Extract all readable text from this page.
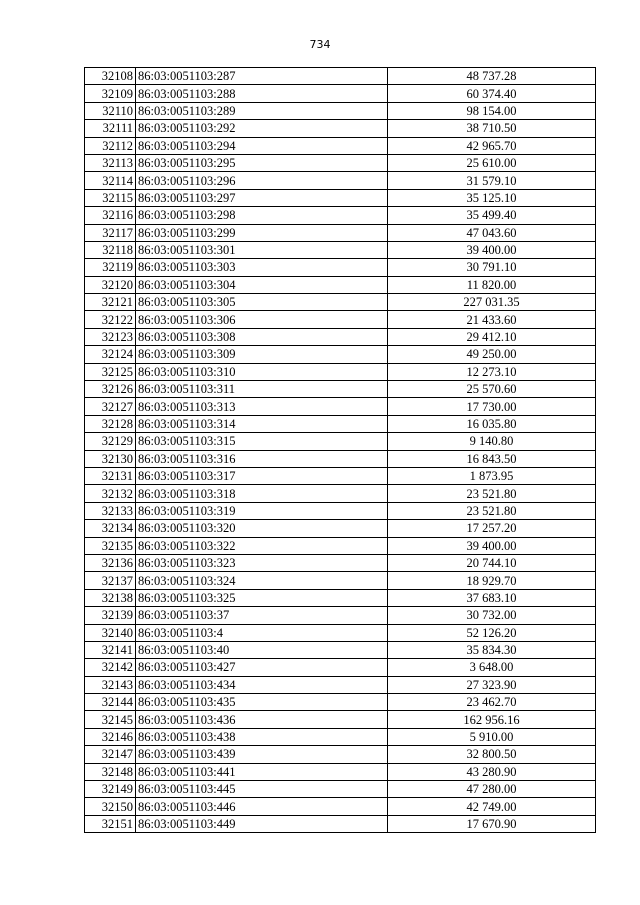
734
32108	86:03:0051103:287	48 737.28
32109	86:03:0051103:288	60 374.40
32110	86:03:0051103:289	98 154.00
32111	86:03:0051103:292	38 710.50
32112	86:03:0051103:294	42 965.70
32113	86:03:0051103:295	25 610.00
32114	86:03:0051103:296	31 579.10
32115	86:03:0051103:297	35 125.10
32116	86:03:0051103:298	35 499.40
32117	86:03:0051103:299	47 043.60
32118	86:03:0051103:301	39 400.00
32119	86:03:0051103:303	30 791.10
32120	86:03:0051103:304	11 820.00
32121	86:03:0051103:305	227 031.35
32122	86:03:0051103:306	21 433.60
32123	86:03:0051103:308	29 412.10
32124	86:03:0051103:309	49 250.00
32125	86:03:0051103:310	12 273.10
32126	86:03:0051103:311	25 570.60
32127	86:03:0051103:313	17 730.00
32128	86:03:0051103:314	16 035.80
32129	86:03:0051103:315	9 140.80
32130	86:03:0051103:316	16 843.50
32131	86:03:0051103:317	1 873.95
32132	86:03:0051103:318	23 521.80
32133	86:03:0051103:319	23 521.80
32134	86:03:0051103:320	17 257.20
32135	86:03:0051103:322	39 400.00
32136	86:03:0051103:323	20 744.10
32137	86:03:0051103:324	18 929.70
32138	86:03:0051103:325	37 683.10
32139	86:03:0051103:37	30 732.00
32140	86:03:0051103:4	52 126.20
32141	86:03:0051103:40	35 834.30
32142	86:03:0051103:427	3 648.00
32143	86:03:0051103:434	27 323.90
32144	86:03:0051103:435	23 462.70
32145	86:03:0051103:436	162 956.16
32146	86:03:0051103:438	5 910.00
32147	86:03:0051103:439	32 800.50
32148	86:03:0051103:441	43 280.90
32149	86:03:0051103:445	47 280.00
32150	86:03:0051103:446	42 749.00
32151	86:03:0051103:449	17 670.90
